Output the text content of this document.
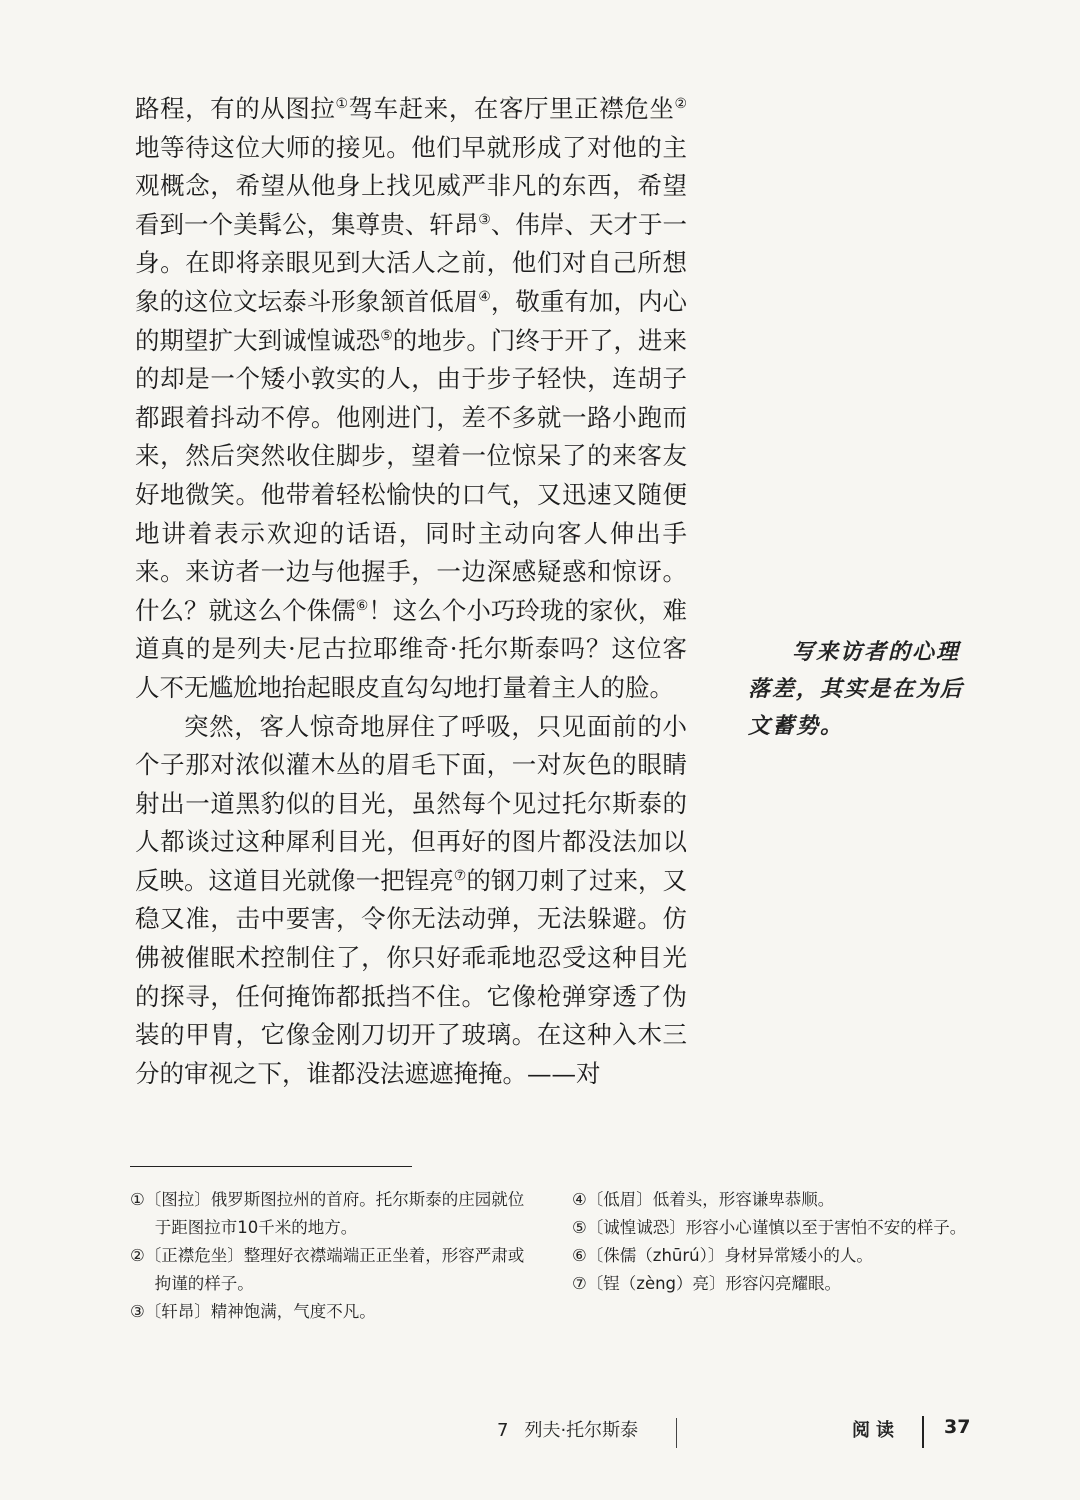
路程，有的从图拉①驾车赶来，在客厅里正襟危坐②地等待这位大师的接见。他们早就形成了对他的主观概念，希望从他身上找见威严非凡的东西，希望看到一个美髯公，集尊贵、轩昂③、伟岸、天才于一身。在即将亲眼见到大活人之前，他们对自己所想象的这位文坛泰斗形象颔首低眉④，敬重有加，内心的期望扩大到诚惶诚恐⑤的地步。门终于开了，进来的却是一个矮小敦实的人，由于步子轻快，连胡子都跟着抖动不停。他刚进门，差不多就一路小跑而来，然后突然收住脚步，望着一位惊呆了的来客友好地微笑。他带着轻松愉快的口气，又迅速又随便地讲着表示欢迎的话语，同时主动向客人伸出手来。来访者一边与他握手，一边深感疑惑和惊讶。什么？就这么个侏儒⑥！这么个小巧玲珑的家伙，难道真的是列夫·尼古拉耶维奇·托尔斯泰吗？这位客人不无尴尬地抬起眼皮直勾勾地打量着主人的脸。

突然，客人惊奇地屏住了呼吸，只见面前的小个子那对浓似灌木丛的眉毛下面，一对灰色的眼睛射出一道黑豹似的目光，虽然每个见过托尔斯泰的人都谈过这种犀利目光，但再好的图片都没法加以反映。这道目光就像一把锃亮⑦的钢刀刺了过来，又稳又准，击中要害，令你无法动弹，无法躲避。仿佛被催眠术控制住了，你只好乖乖地忍受这种目光的探寻，任何掩饰都抵挡不住。它像枪弹穿透了伪装的甲胄，它像金刚刀切开了玻璃。在这种入木三分的审视之下，谁都没法遮遮掩掩。——对

写来访者的心理落差，其实是在为后文蓄势。
①〔图拉〕俄罗斯图拉州的首府。托尔斯泰的庄园就位于距图拉市10千米的地方。
②〔正襟危坐〕整理好衣襟端端正正坐着，形容严肃或拘谨的样子。
③〔轩昂〕精神饱满，气度不凡。
④〔低眉〕低着头，形容谦卑恭顺。
⑤〔诚惶诚恐〕形容小心谨慎以至于害怕不安的样子。
⑥〔侏儒（zhūrú）〕身材异常矮小的人。
⑦〔锃（zèng）亮〕形容闪亮耀眼。
7 列夫·托尔斯泰	阅读 37
